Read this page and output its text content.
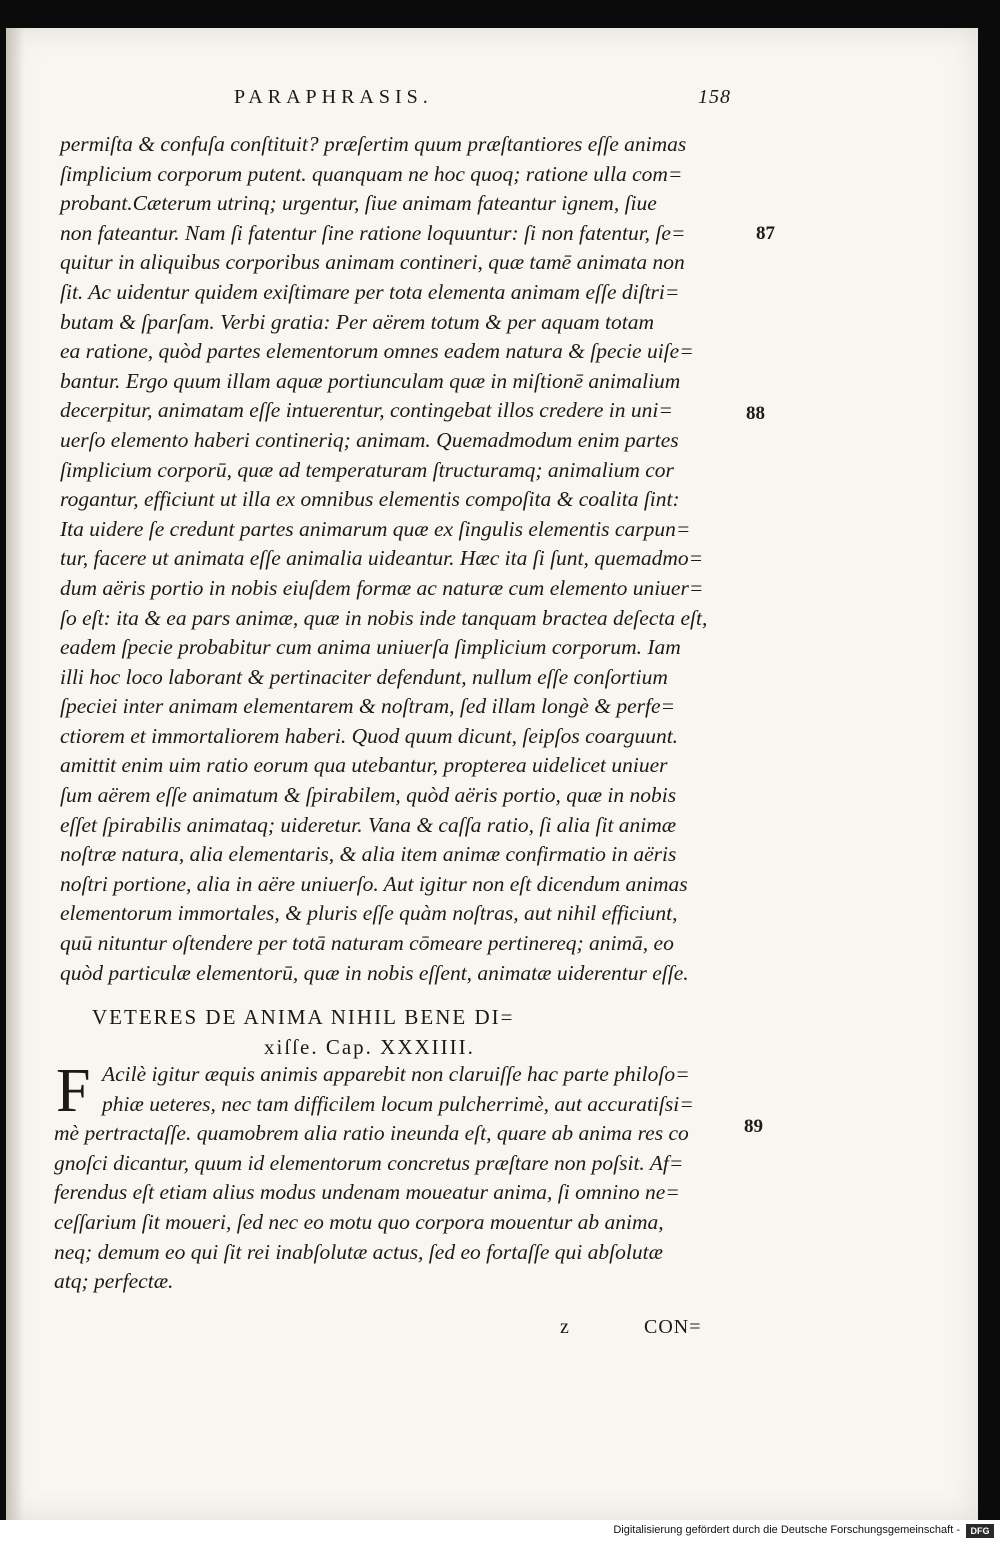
PARAPHRASIS.	158
permiſta & confuſa conſtituit? præſertim quum præſtantiores eſſe animas
ſimplicium corporum putent. quanquam ne hoc quoq; ratione ulla com=
probant.Cæterum utrinq; urgentur, ſiue animam fateantur ignem, ſiue
non fateantur. Nam ſi fatentur ſine ratione loquuntur: ſi non fatentur, ſe=
quitur in aliquibus corporibus animam contineri, quæ tamē animata non
ſit. Ac uidentur quidem exiſtimare per tota elementa animam eſſe diſtri=
butam & ſparſam. Verbi gratia: Per aërem totum & per aquam totam
ea ratione, quòd partes elementorum omnes eadem natura & ſpecie uiſe=
bantur. Ergo quum illam aquæ portiunculam quæ in miſtionē animalium
decerpitur, animatam eſſe intuerentur, contingebat illos credere in uni=
uerſo elemento haberi contineriq; animam. Quemadmodum enim partes
ſimplicium corporū, quæ ad temperaturam ſtructuramq; animalium cor
rogantur, efficiunt ut illa ex omnibus elementis compoſita & coalita ſint:
Ita uidere ſe credunt partes animarum quæ ex ſingulis elementis carpun=
tur, facere ut animata eſſe animalia uideantur. Hæc ita ſi ſunt, quemadmo=
dum aëris portio in nobis eiuſdem formæ ac naturæ cum elemento uniuer=
ſo eſt: ita & ea pars animæ, quæ in nobis inde tanquam bractea deſecta eſt,
eadem ſpecie probabitur cum anima uniuerſa ſimplicium corporum. Iam
illi hoc loco laborant & pertinaciter defendunt, nullum eſſe conſortium
ſpeciei inter animam elementarem & noſtram, ſed illam longè & perfe=
ctiorem et immortaliorem haberi. Quod quum dicunt, ſeipſos coarguunt.
amittit enim uim ratio eorum qua utebantur, propterea uidelicet uniuer
ſum aërem eſſe animatum & ſpirabilem, quòd aëris portio, quæ in nobis
eſſet ſpirabilis animataq; uideretur. Vana & caſſa ratio, ſi alia ſit animæ
noſtræ natura, alia elementaris, & alia item animæ confirmatio in aëris
noſtri portione, alia in aëre uniuerſo. Aut igitur non eſt dicendum animas
elementorum immortales, & pluris eſſe quàm noſtras, aut nihil efficiunt,
quū nituntur oſtendere per totā naturam cōmeare pertinereq; animā, eo
quòd particulæ elementorū, quæ in nobis eſſent, animatæ uiderentur eſſe.
87
88
89
VETERES DE ANIMA NIHIL BENE DI=
xiſſe. Cap. XXXIIII.
F Acilè igitur æquis animis apparebit non claruiſſe hac parte philoſo=
phiæ ueteres, nec tam difficilem locum pulcherrimè, aut accuratiſsi=
mè pertractaſſe. quamobrem alia ratio ineunda eſt, quare ab anima res co
gnoſci dicantur, quum id elementorum concretus præſtare non poſsit. Af=
ferendus eſt etiam alius modus undenam moueatur anima, ſi omnino ne=
ceſſarium ſit moueri, ſed nec eo motu quo corpora mouentur ab anima,
neq; demum eo qui ſit rei inabſolutæ actus, ſed eo fortaſſe qui abſolutæ
atq; perfectæ.
z	CON=
Digitalisierung gefördert durch die Deutsche Forschungsgemeinschaft -	DFG
